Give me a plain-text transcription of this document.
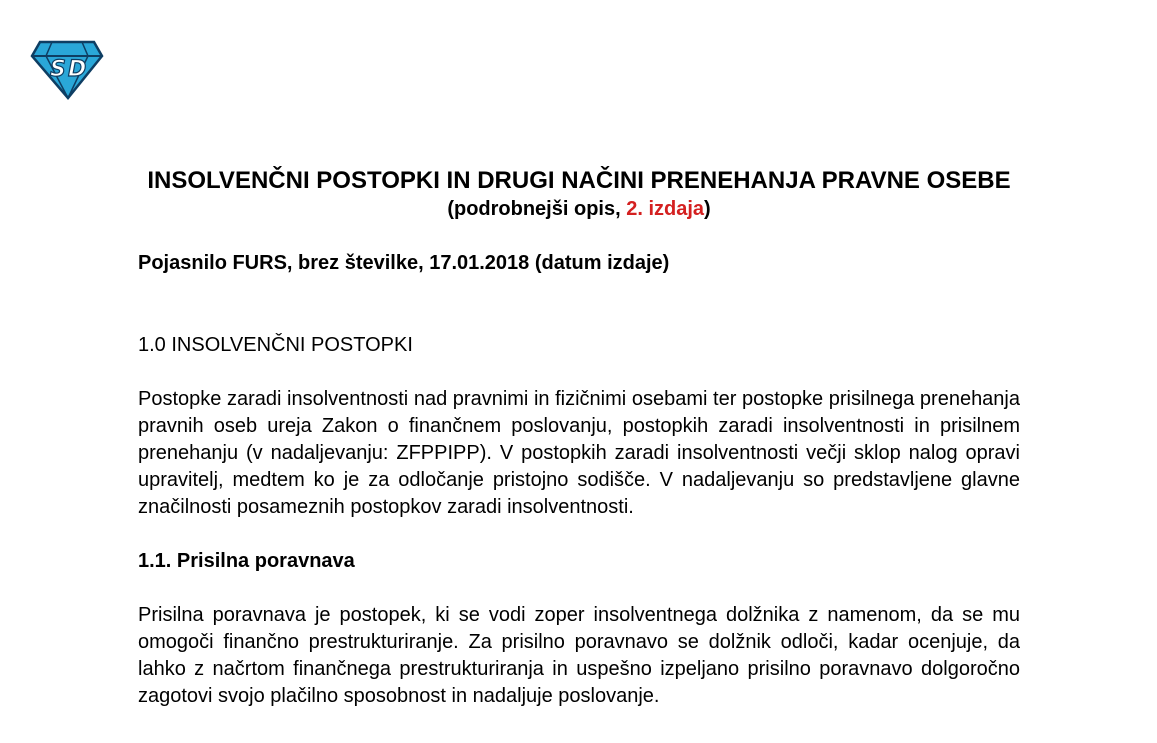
S D
INSOLVENČNI POSTOPKI IN DRUGI NAČINI PRENEHANJA PRAVNE OSEBE

(podrobnejši opis, 2. izdaja)

Pojasnilo FURS, brez številke, 17.01.2018 (datum izdaje)

1.0 INSOLVENČNI POSTOPKI

Postopke zaradi insolventnosti nad pravnimi in fizičnimi osebami ter postopke prisilnega prenehanja pravnih oseb ureja Zakon o finančnem poslovanju, postopkih zaradi insolventnosti in prisilnem prenehanju (v nadaljevanju: ZFPPIPP). V postopkih zaradi insolventnosti večji sklop nalog opravi upravitelj, medtem ko je za odločanje pristojno sodišče. V nadaljevanju so predstavljene glavne značilnosti posameznih postopkov zaradi insolventnosti.

1.1. Prisilna poravnava

Prisilna poravnava je postopek, ki se vodi zoper insolventnega dolžnika z namenom, da se mu omogoči finančno prestrukturiranje. Za prisilno poravnavo se dolžnik odloči, kadar ocenjuje, da lahko z načrtom finančnega prestrukturiranja in uspešno izpeljano prisilno poravnavo dolgoročno zagotovi svojo plačilno sposobnost in nadaljuje poslovanje.
